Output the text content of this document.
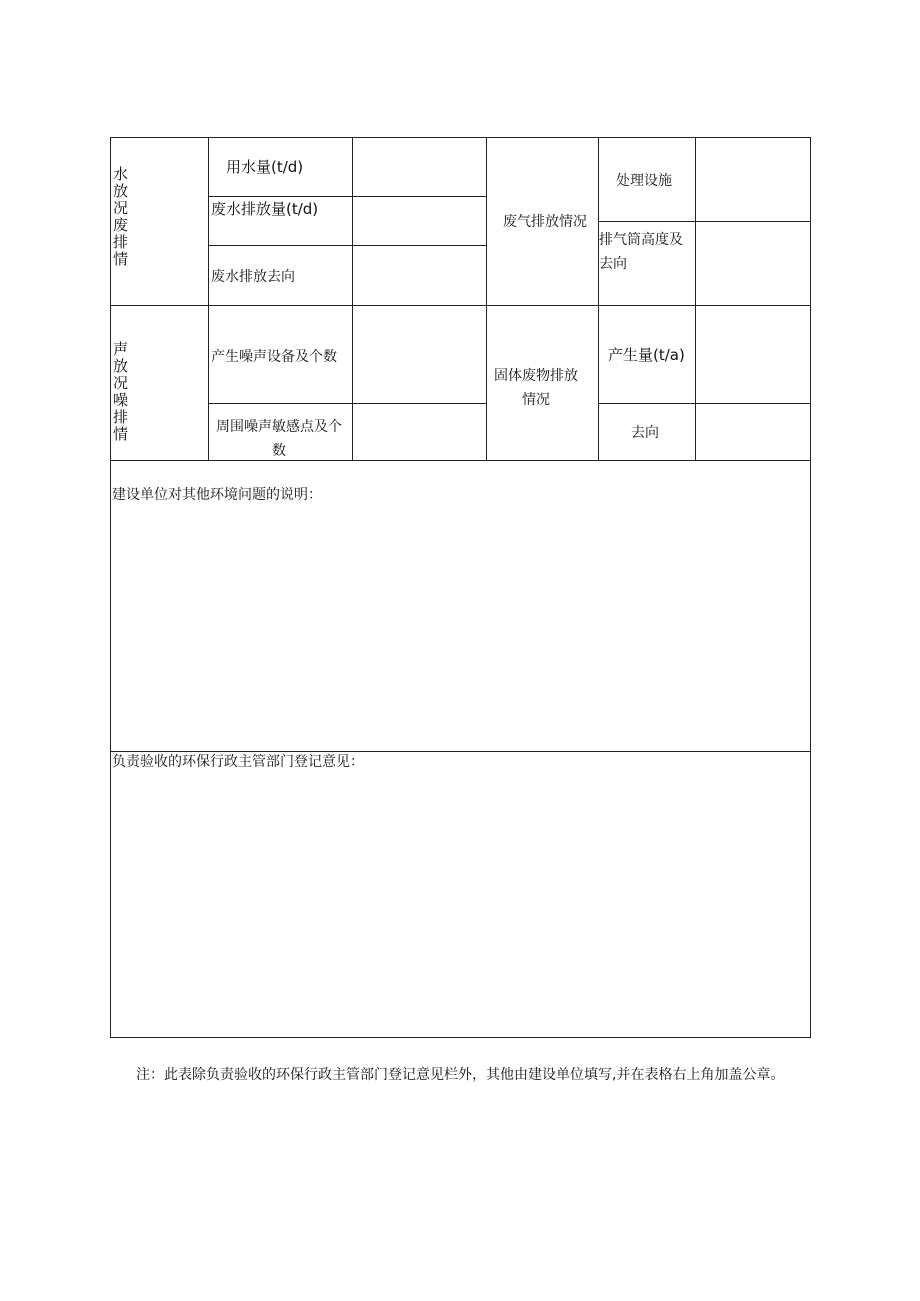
水
放
况
废
排
情
用水量(t/d)
废水排放量(t/d)
废水排放去向
废气排放情况
处理设施
排气筒高度及去向
声
放
况
噪
排
情
产生噪声设备及个数
周围噪声敏感点及个数
固体废物排放情况
产生量(t/a)
去向
建设单位对其他环境问题的说明：
负责验收的环保行政主管部门登记意见：
注：此表除负责验收的环保行政主管部门登记意见栏外，其他由建设单位填写,并在表格右上角加盖公章。
